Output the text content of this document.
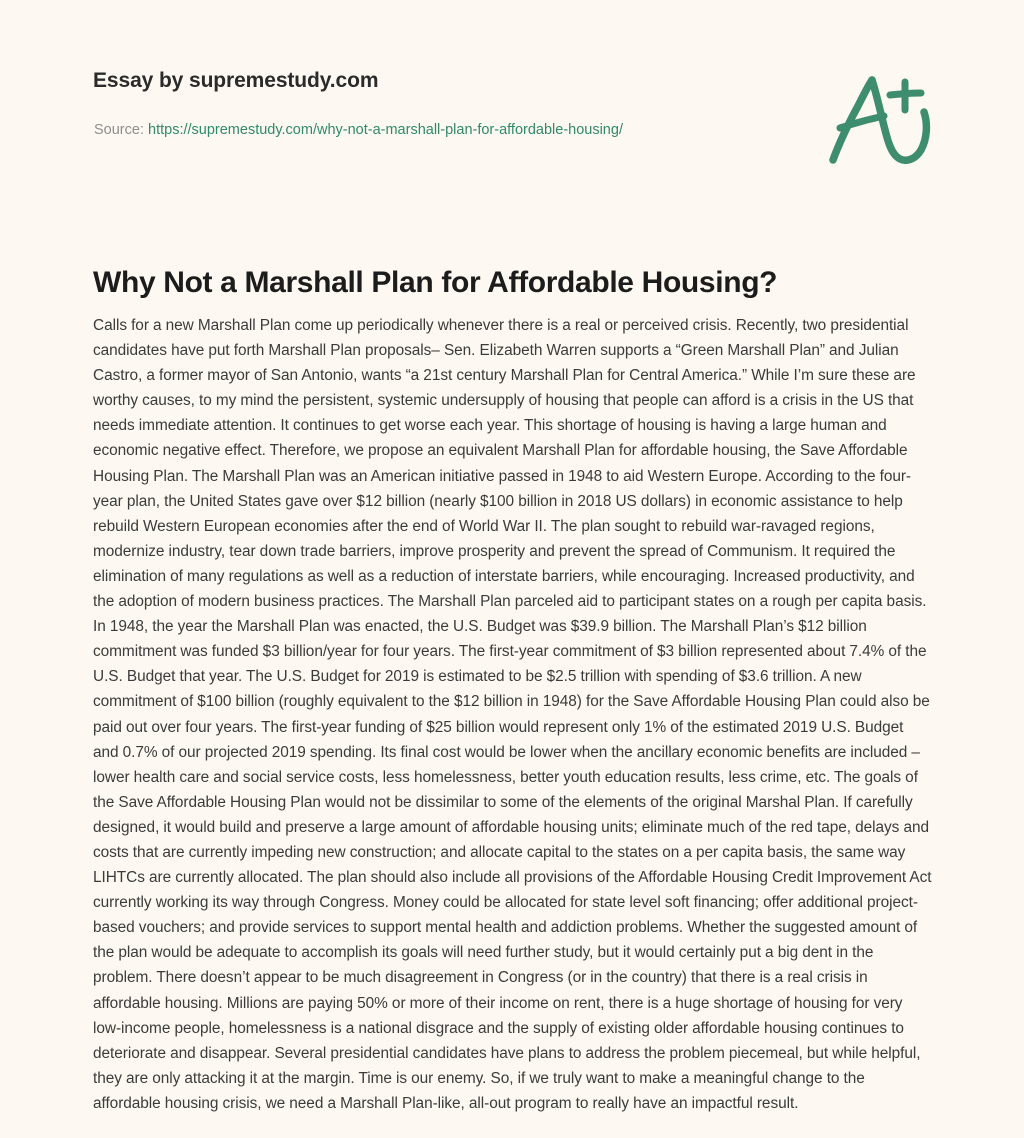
Essay by supremestudy.com
Source: https://supremestudy.com/why-not-a-marshall-plan-for-affordable-housing/
Why Not a Marshall Plan for Affordable Housing?
Calls for a new Marshall Plan come up periodically whenever there is a real or perceived crisis. Recently, two presidential candidates have put forth Marshall Plan proposals– Sen. Elizabeth Warren supports a “Green Marshall Plan” and Julian Castro, a former mayor of San Antonio, wants “a 21st century Marshall Plan for Central America.” While I’m sure these are worthy causes, to my mind the persistent, systemic undersupply of housing that people can afford is a crisis in the US that needs immediate attention. It continues to get worse each year. This shortage of housing is having a large human and economic negative effect. Therefore, we propose an equivalent Marshall Plan for affordable housing, the Save Affordable Housing Plan. The Marshall Plan was an American initiative passed in 1948 to aid Western Europe. According to the four-year plan, the United States gave over $12 billion (nearly $100 billion in 2018 US dollars) in economic assistance to help rebuild Western European economies after the end of World War II. The plan sought to rebuild war-ravaged regions, modernize industry, tear down trade barriers, improve prosperity and prevent the spread of Communism. It required the elimination of many regulations as well as a reduction of interstate barriers, while encouraging. Increased productivity, and the adoption of modern business practices. The Marshall Plan parceled aid to participant states on a rough per capita basis. In 1948, the year the Marshall Plan was enacted, the U.S. Budget was $39.9 billion. The Marshall Plan’s $12 billion commitment was funded $3 billion/year for four years. The first-year commitment of $3 billion represented about 7.4% of the U.S. Budget that year. The U.S. Budget for 2019 is estimated to be $2.5 trillion with spending of $3.6 trillion. A new commitment of $100 billion (roughly equivalent to the $12 billion in 1948) for the Save Affordable Housing Plan could also be paid out over four years. The first-year funding of $25 billion would represent only 1% of the estimated 2019 U.S. Budget and 0.7% of our projected 2019 spending. Its final cost would be lower when the ancillary economic benefits are included – lower health care and social service costs, less homelessness, better youth education results, less crime, etc. The goals of the Save Affordable Housing Plan would not be dissimilar to some of the elements of the original Marshal Plan. If carefully designed, it would build and preserve a large amount of affordable housing units; eliminate much of the red tape, delays and costs that are currently impeding new construction; and allocate capital to the states on a per capita basis, the same way LIHTCs are currently allocated. The plan should also include all provisions of the Affordable Housing Credit Improvement Act currently working its way through Congress. Money could be allocated for state level soft financing; offer additional project-based vouchers; and provide services to support mental health and addiction problems. Whether the suggested amount of the plan would be adequate to accomplish its goals will need further study, but it would certainly put a big dent in the problem. There doesn’t appear to be much disagreement in Congress (or in the country) that there is a real crisis in affordable housing. Millions are paying 50% or more of their income on rent, there is a huge shortage of housing for very low-income people, homelessness is a national disgrace and the supply of existing older affordable housing continues to deteriorate and disappear. Several presidential candidates have plans to address the problem piecemeal, but while helpful, they are only attacking it at the margin. Time is our enemy. So, if we truly want to make a meaningful change to the affordable housing crisis, we need a Marshall Plan-like, all-out program to really have an impactful result.
